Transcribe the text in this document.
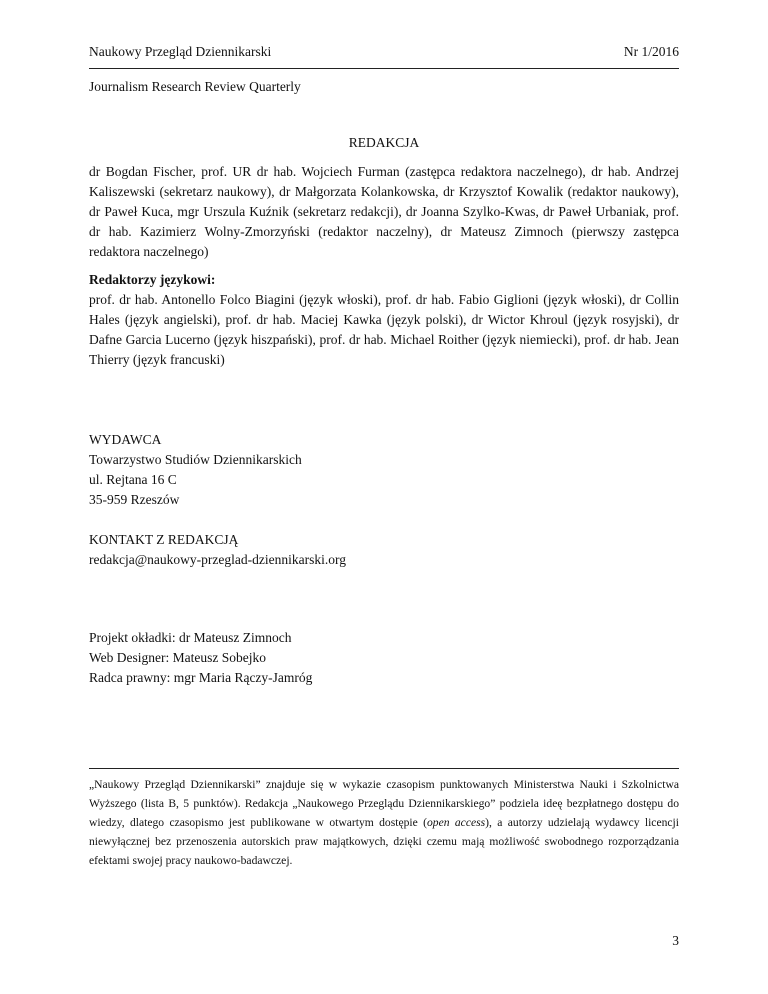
Naukowy Przegląd Dziennikarski	Nr 1/2016
Journalism Research Review Quarterly
REDAKCJA
dr Bogdan Fischer, prof. UR dr hab. Wojciech Furman (zastępca redaktora naczelnego), dr hab. Andrzej Kaliszewski (sekretarz naukowy), dr Małgorzata Kolankowska, dr Krzysztof Kowalik (redaktor naukowy), dr Paweł Kuca, mgr Urszula Kuźnik (sekretarz redakcji), dr Joanna Szylko-Kwas, dr Paweł Urbaniak, prof. dr hab. Kazimierz Wolny-Zmorzyński (redaktor naczelny), dr Mateusz Zimnoch (pierwszy zastępca redaktora naczelnego)
Redaktorzy językowi:
prof. dr hab. Antonello Folco Biagini (język włoski), prof. dr hab. Fabio Giglioni (język włoski), dr Collin Hales (język angielski), prof. dr hab. Maciej Kawka (język polski), dr Wictor Khroul (język rosyjski), dr Dafne Garcia Lucerno (język hiszpański), prof. dr hab. Michael Roither (język niemiecki), prof. dr hab. Jean Thierry (język francuski)
WYDAWCA
Towarzystwo Studiów Dziennikarskich
ul. Rejtana 16 C
35-959 Rzeszów
KONTAKT Z REDAKCJĄ
redakcja@naukowy-przeglad-dziennikarski.org
Projekt okładki: dr Mateusz Zimnoch
Web Designer: Mateusz Sobejko
Radca prawny: mgr Maria Rączy-Jamróg
„Naukowy Przegląd Dziennikarski” znajduje się w wykazie czasopism punktowanych Ministerstwa Nauki i Szkolnictwa Wyższego (lista B, 5 punktów). Redakcja „Naukowego Przeglądu Dziennikarskiego” podziela ideę bezpłatnego dostępu do wiedzy, dlatego czasopismo jest publikowane w otwartym dostępie (open access), a autorzy udzielają wydawcy licencji niewyłącznej bez przenoszenia autorskich praw majątkowych, dzięki czemu mają możliwość swobodnego rozporządzania efektami swojej pracy naukowo-badawczej.
3
